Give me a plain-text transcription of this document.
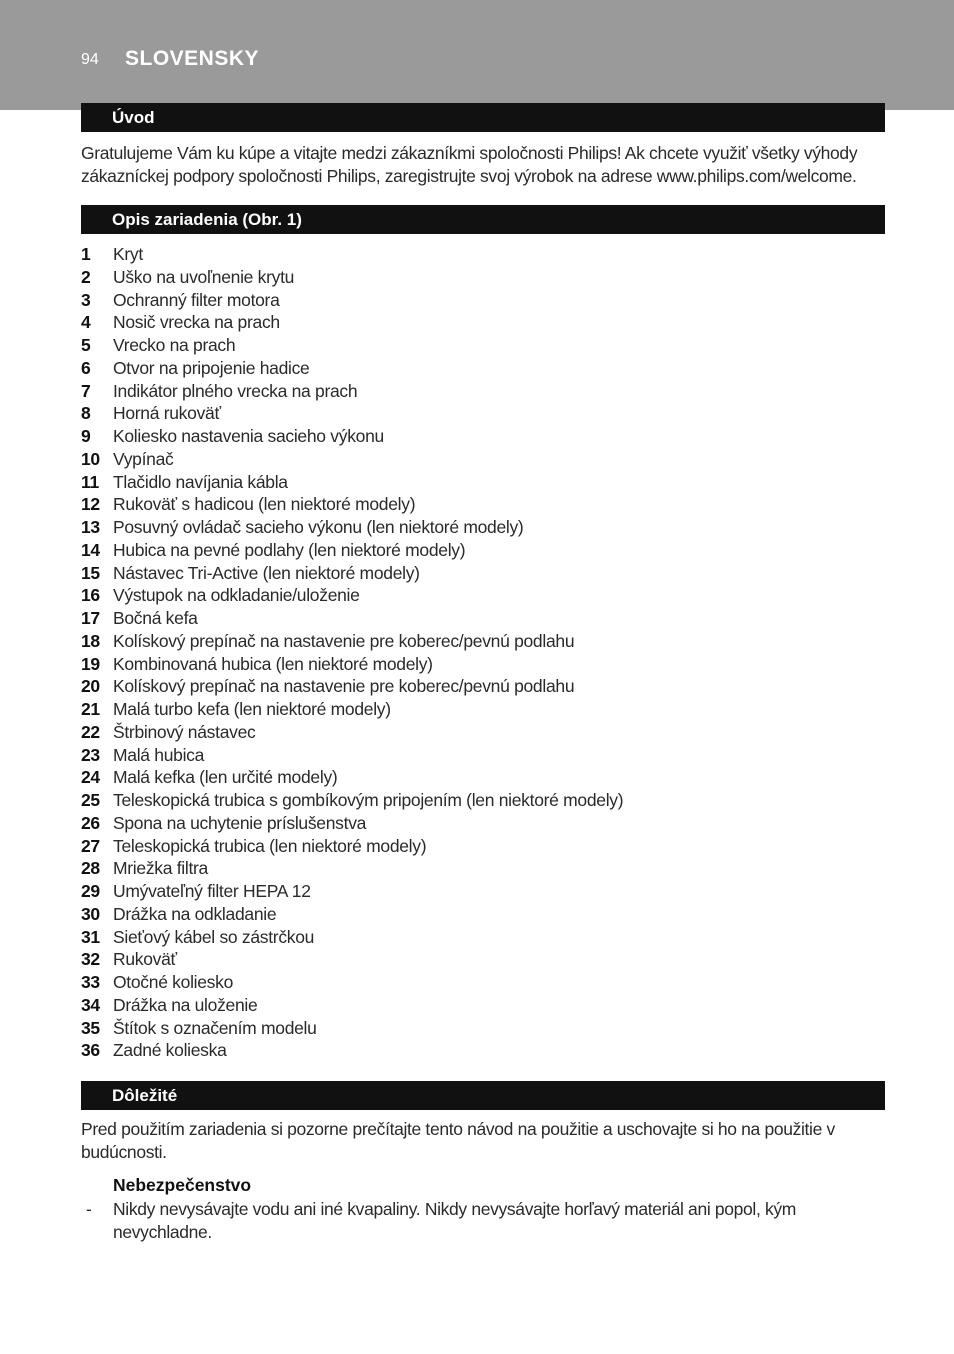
94 SLOVENSKY
Úvod

Gratulujeme Vám ku kúpe a vitajte medzi zákazníkmi spoločnosti Philips! Ak chcete využiť všetky výhody zákazníckej podpory spoločnosti Philips, zaregistrujte svoj výrobok na adrese www.philips.com/welcome.

Opis zariadenia (Obr. 1)
1 Kryt
2 Uško na uvoľnenie krytu
3 Ochranný filter motora
4 Nosič vrecka na prach
5 Vrecko na prach
6 Otvor na pripojenie hadice
7 Indikátor plného vrecka na prach
8 Horná rukoväť
9 Koliesko nastavenia sacieho výkonu
10 Vypínač
11 Tlačidlo navíjania kábla
12 Rukoväť s hadicou (len niektoré modely)
13 Posuvný ovládač sacieho výkonu (len niektoré modely)
14 Hubica na pevné podlahy (len niektoré modely)
15 Nástavec Tri-Active (len niektoré modely)
16 Výstupok na odkladanie/uloženie
17 Bočná kefa
18 Kolískový prepínač na nastavenie pre koberec/pevnú podlahu
19 Kombinovaná hubica (len niektoré modely)
20 Kolískový prepínač na nastavenie pre koberec/pevnú podlahu
21 Malá turbo kefa (len niektoré modely)
22 Štrbinový nástavec
23 Malá hubica
24 Malá kefka (len určité modely)
25 Teleskopická trubica s gombíkovým pripojením (len niektoré modely)
26 Spona na uchytenie príslušenstva
27 Teleskopická trubica (len niektoré modely)
28 Mriežka filtra
29 Umývateľný filter HEPA 12
30 Drážka na odkladanie
31 Sieťový kábel so zástrčkou
32 Rukoväť
33 Otočné koliesko
34 Drážka na uloženie
35 Štítok s označením modelu
36 Zadné kolieska
Dôležité

Pred použitím zariadenia si pozorne prečítajte tento návod na použitie a uschovajte si ho na použitie v budúcnosti.

Nebezpečenstvo
- Nikdy nevysávajte vodu ani iné kvapaliny. Nikdy nevysávajte horľavý materiál ani popol, kým nevychladne.
